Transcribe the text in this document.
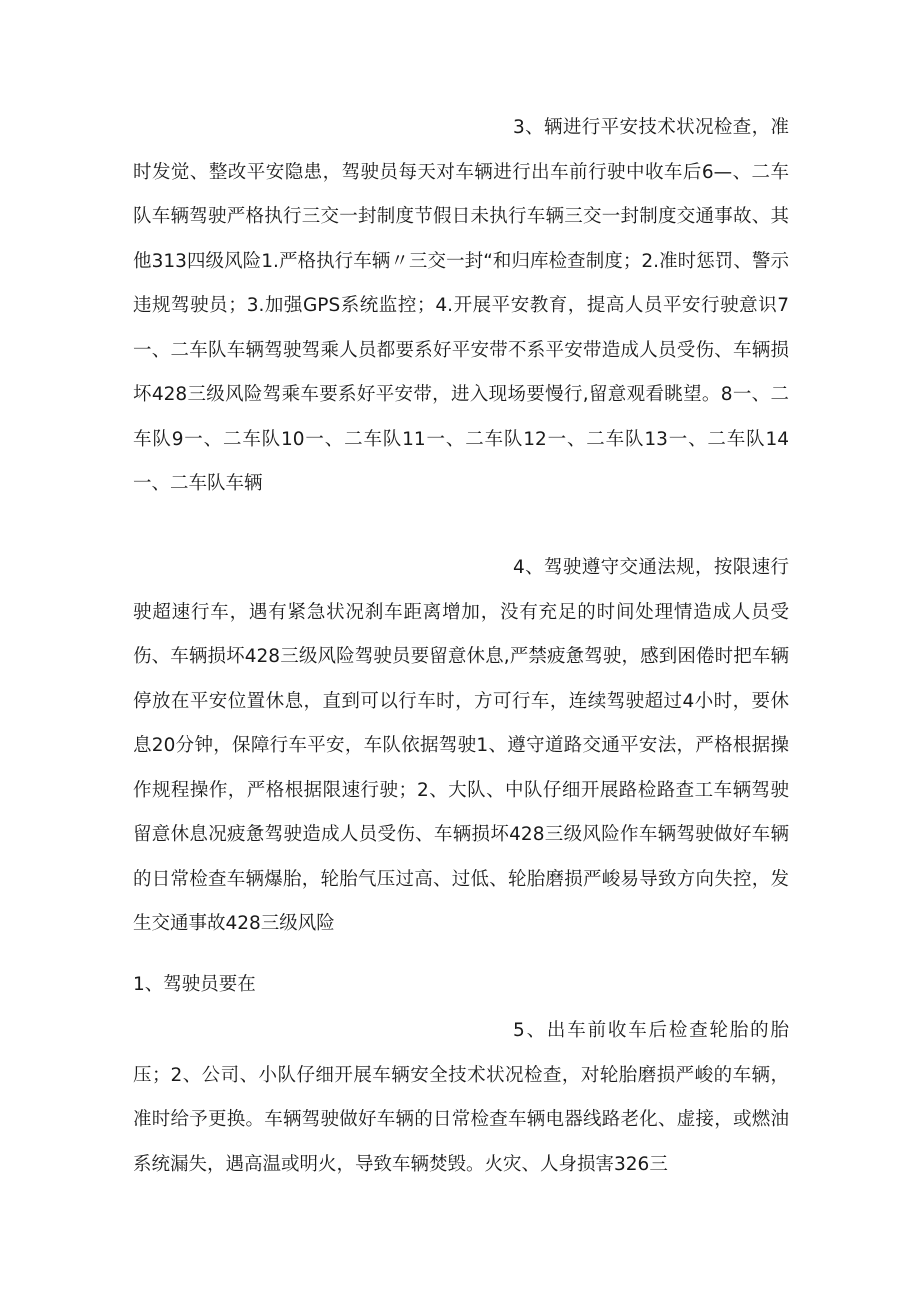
3、辆进行平安技术状况检查，准时发觉、整改平安隐患，驾驶员每天对车辆进行出车前行驶中收车后6—、二车队车辆驾驶严格执行三交一封制度节假日未执行车辆三交一封制度交通事故、其他313四级风险1.严格执行车辆〃三交一封“和归库检查制度；2.准时惩罚、警示违规驾驶员；3.加强GPS系统监控；4.开展平安教育，提高人员平安行驶意识7一、二车队车辆驾驶驾乘人员都要系好平安带不系平安带造成人员受伤、车辆损坏428三级风险驾乘车要系好平安带，进入现场要慢行,留意观看眺望。8一、二车队9一、二车队10一、二车队11一、二车队12一、二车队13一、二车队14一、二车队车辆

4、驾驶遵守交通法规，按限速行驶超速行车，遇有紧急状况刹车距离增加，没有充足的时间处理情造成人员受伤、车辆损坏428三级风险驾驶员要留意休息,严禁疲惫驾驶，感到困倦时把车辆停放在平安位置休息，直到可以行车时，方可行车，连续驾驶超过4小时，要休息20分钟，保障行车平安，车队依据驾驶1、遵守道路交通平安法，严格根据操作规程操作，严格根据限速行驶；2、大队、中队仔细开展路检路查工车辆驾驶留意休息况疲惫驾驶造成人员受伤、车辆损坏428三级风险作车辆驾驶做好车辆的日常检查车辆爆胎，轮胎气压过高、过低、轮胎磨损严峻易导致方向失控，发生交通事故428三级风险

1、驾驶员要在

5、出车前收车后检查轮胎的胎压；2、公司、小队仔细开展车辆安全技术状况检查，对轮胎磨损严峻的车辆，准时给予更换。车辆驾驶做好车辆的日常检查车辆电器线路老化、虚接，或燃油系统漏失，遇高温或明火，导致车辆焚毁。火灾、人身损害326三
